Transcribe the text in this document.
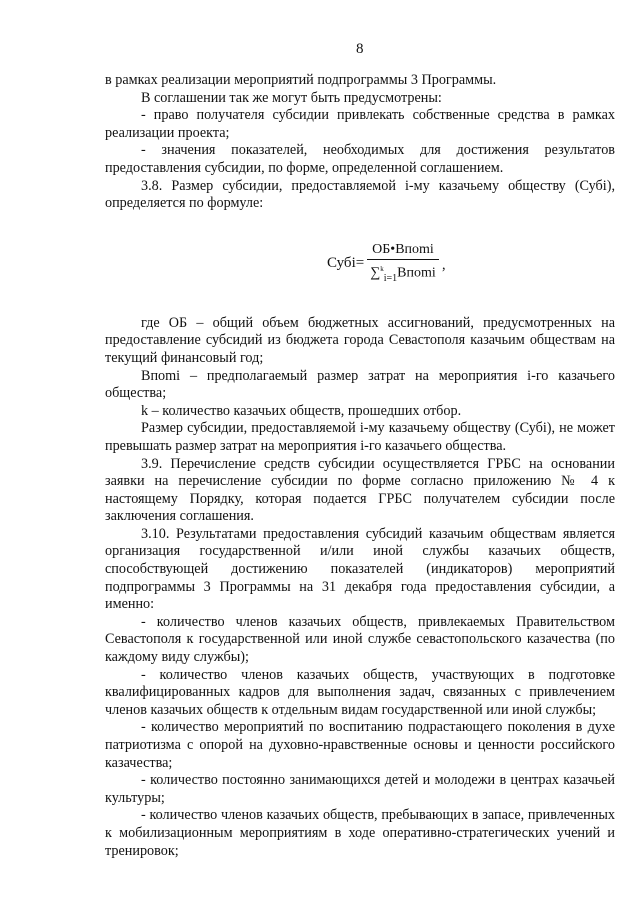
8

в рамках реализации мероприятий подпрограммы 3 Программы.

В соглашении так же могут быть предусмотрены:

- право получателя субсидии привлекать собственные средства в рамках реализации проекта;

- значения показателей, необходимых для достижения результатов предоставления субсидии, по форме, определенной соглашением.

3.8. Размер субсидии, предоставляемой i-му казачьему обществу (Субi), определяется по формуле:

Субi=
ОБ•Впоmi
∑$^k_{i=1}$Впоmi
,

где ОБ – общий объем бюджетных ассигнований, предусмотренных на предоставление субсидий из бюджета города Севастополя казачьим обществам на текущий финансовый год;

Впоmi – предполагаемый размер затрат на мероприятия i-го казачьего общества;

k – количество казачьих обществ, прошедших отбор.

Размер субсидии, предоставляемой i-му казачьему обществу (Субi), не может превышать размер затрат на мероприятия i-го казачьего общества.

3.9. Перечисление средств субсидии осуществляется ГРБС на основании заявки на перечисление субсидии по форме согласно приложению № 4 к настоящему Порядку, которая подается ГРБС получателем субсидии после заключения соглашения.

3.10. Результатами предоставления субсидий казачьим обществам является организация государственной и/или иной службы казачьих обществ, способствующей достижению показателей (индикаторов) мероприятий подпрограммы 3 Программы на 31 декабря года предоставления субсидии, а именно:

- количество членов казачьих обществ, привлекаемых Правительством Севастополя к государственной или иной службе севастопольского казачества (по каждому виду службы);

- количество членов казачьих обществ, участвующих в подготовке квалифицированных кадров для выполнения задач, связанных с привлечением членов казачьих обществ к отдельным видам государственной или иной службы;

- количество мероприятий по воспитанию подрастающего поколения в духе патриотизма с опорой на духовно-нравственные основы и ценности российского казачества;

- количество постоянно занимающихся детей и молодежи в центрах казачьей культуры;

- количество членов казачьих обществ, пребывающих в запасе, привлеченных к мобилизационным мероприятиям в ходе оперативно-стратегических учений и тренировок;
